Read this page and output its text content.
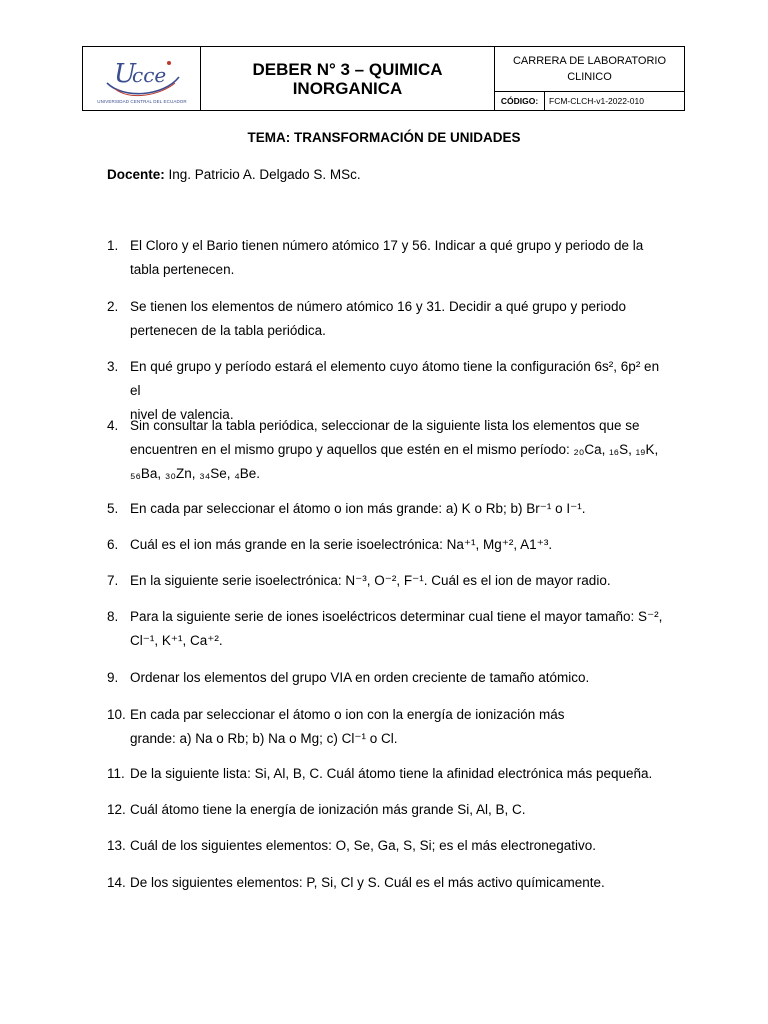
U
cce
UNIVERSIDAD CENTRAL DEL ECUADOR
DEBER N° 3 – QUIMICA
INORGANICA
CARRERA DE LABORATORIO
CLINICO
CÓDIGO:	FCM-CLCH-v1-2022-010
TEMA: TRANSFORMACIÓN DE UNIDADES
Docente: Ing. Patricio A. Delgado S. MSc.
1. El Cloro y el Bario tienen número atómico 17 y 56. Indicar a qué grupo y periodo de la
tabla pertenecen.
2. Se tienen los elementos de número atómico 16 y 31. Decidir a qué grupo y periodo
pertenecen de la tabla periódica.
3. En qué grupo y período estará el elemento cuyo átomo tiene la configuración 6s², 6p² en el
nivel de valencia.
4. Sin consultar la tabla periódica, seleccionar de la siguiente lista los elementos que se
encuentren en el mismo grupo y aquellos que estén en el mismo período: ₂₀Ca, ₁₆S, ₁₉K,
₅₆Ba, ₃₀Zn, ₃₄Se, ₄Be.
5. En cada par seleccionar el átomo o ion más grande: a) K o Rb; b) Br⁻¹ o I⁻¹.
6. Cuál es el ion más grande en la serie isoelectrónica: Na⁺¹, Mg⁺², A1⁺³.
7. En la siguiente serie isoelectrónica: N⁻³, O⁻², F⁻¹. Cuál es el ion de mayor radio.
8. Para la siguiente serie de iones isoeléctricos determinar cual tiene el mayor tamaño: S⁻²,
Cl⁻¹, K⁺¹, Ca⁺².
9. Ordenar los elementos del grupo VIA en orden creciente de tamaño atómico.
10. En cada par seleccionar el átomo o ion con la energía de ionización más
grande: a) Na o Rb; b) Na o Mg; c) Cl⁻¹ o Cl.
11. De la siguiente lista: Si, Al, B, C. Cuál átomo tiene la afinidad electrónica más pequeña.
12. Cuál átomo tiene la energía de ionización más grande Si, Al, B, C.
13. Cuál de los siguientes elementos: O, Se, Ga, S, Si; es el más electronegativo.
14. De los siguientes elementos: P, Si, Cl y S. Cuál es el más activo químicamente.
